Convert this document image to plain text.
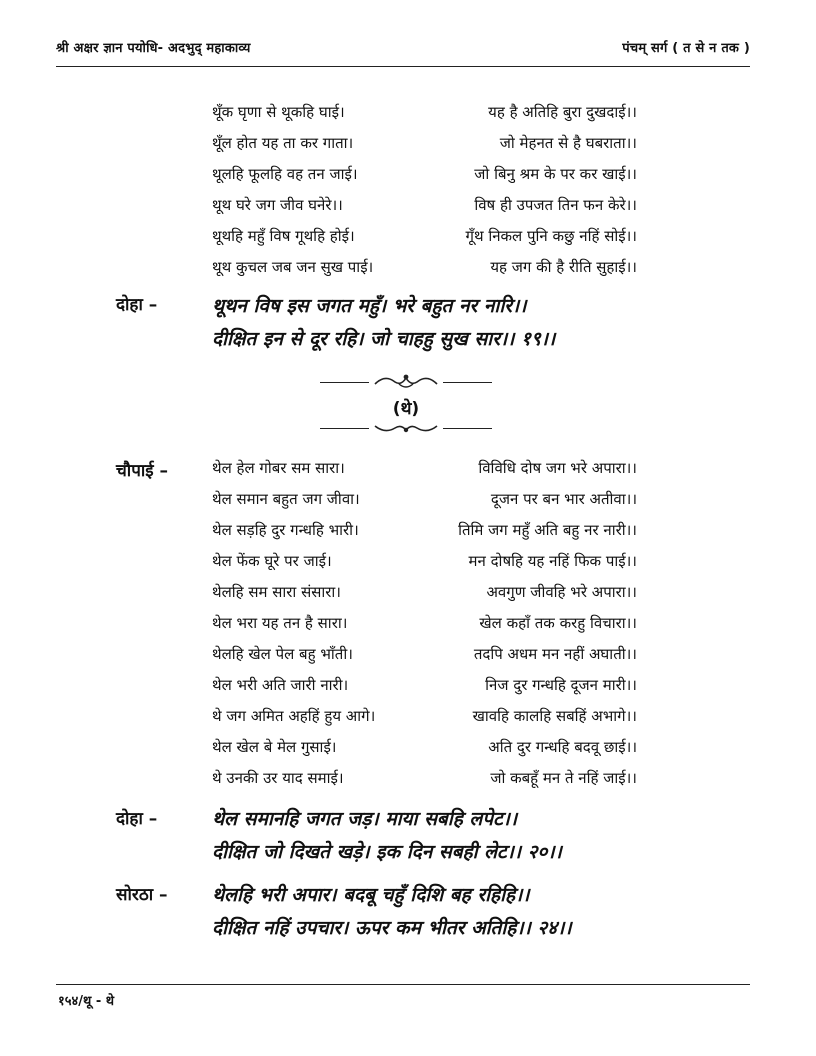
श्री अक्षर ज्ञान पयोधि- अदभुद् महाकाव्य	पंचम् सर्ग ( त से न तक )
थूँक घृणा से थूकहि घाई।	यह है अतिहि बुरा दुखदाई।।
थूँल होत यह ता कर गाता।	जो मेहनत से है घबराता।।
थूलहि फूलहि वह तन जाई।	जो बिनु श्रम के पर कर खाई।।
थूथ घरे जग जीव घनेरे।।	विष ही उपजत तिन फन केरे।।
थूथहि महुँ विष गूथहि होई।	गूँथ निकल पुनि कछु नहिं सोई।।
थूथ कुचल जब जन सुख पाई।	यह जग की है रीति सुहाई।।
दोहा –	थूथन विष इस जगत महुँ। भरे बहुत नर नारि।।
दीक्षित इन से दूर रहि। जो चाहहु सुख सार।। १९।।
(थे)
चौपाई –	थेल हेल गोबर सम सारा।	विविधि दोष जग भरे अपारा।।
थेल समान बहुत जग जीवा।	दूजन पर बन भार अतीवा।।
थेल सड़हि दुर गन्धहि भारी।	तिमि जग महुँ अति बहु नर नारी।।
थेल फेंक घूरे पर जाई।	मन दोषहि यह नहिं फिक पाई।।
थेलहि सम सारा संसारा।	अवगुण जीवहि भरे अपारा।।
थेल भरा यह तन है सारा।	खेल कहाँ तक करहु विचारा।।
थेलहि खेल पेल बहु भाँती।	तदपि अधम मन नहीं अघाती।।
थेल भरी अति जारी नारी।	निज दुर गन्धहि दूजन मारी।।
थे जग अमित अहहिं हुय आगे।	खावहि कालहि सबहिं अभागे।।
थेल खेल बे मेल गुसाई।	अति दुर गन्धहि बदवू छाई।।
थे उनकी उर याद समाई।	जो कबहूँ मन ते नहिं जाई।।
दोहा –	थेल समानहि जगत जड़। माया सबहि लपेट।।
दीक्षित जो दिखते खड़े। इक दिन सबही लेट।। २०।।
सोरठा – थेलहि भरी अपार। बदबू चहुँ दिशि बह रहिहि।।
दीक्षित नहिं उपचार। ऊपर कम भीतर अतिहि।। २४।।
१५४/थू - थे
